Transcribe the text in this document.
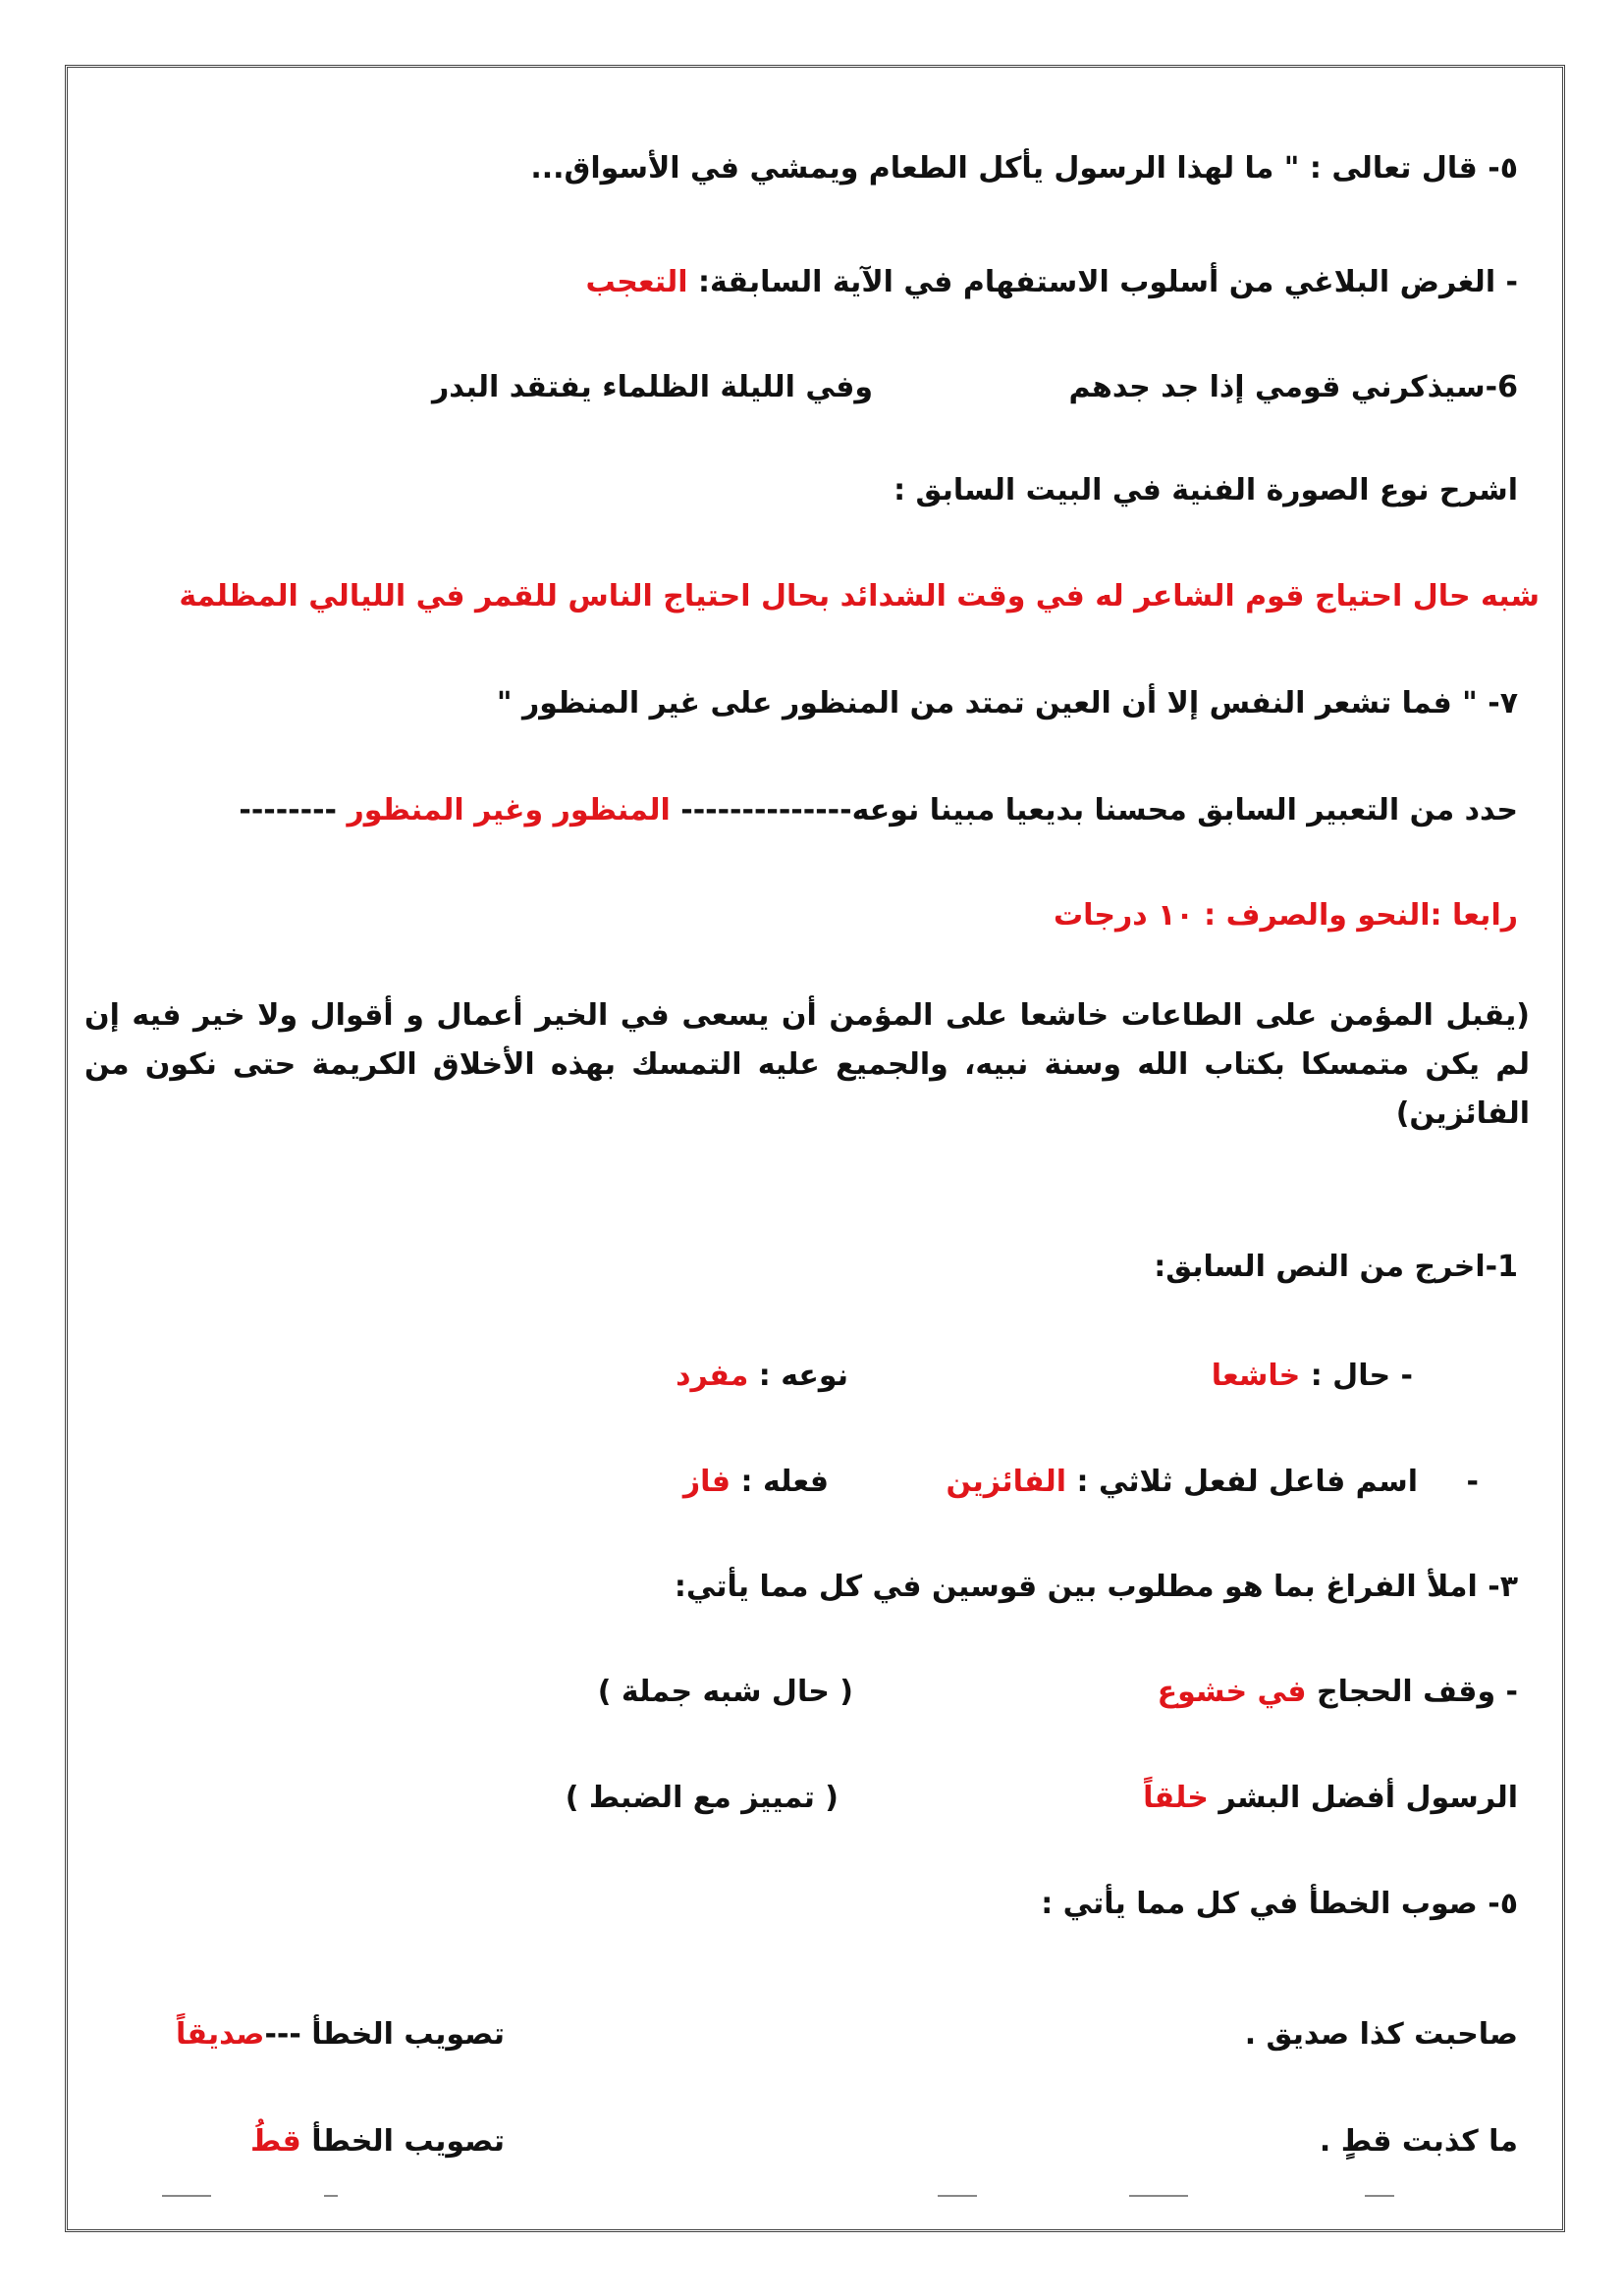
٥- قال تعالى : " ما لهذا الرسول يأكل الطعام ويمشي في الأسواق...
- الغرض البلاغي من أسلوب الاستفهام في الآية السابقة: التعجب
6-سيذكرني قومي إذا جد جدهم
وفي الليلة الظلماء يفتقد البدر
اشرح نوع الصورة الفنية في البيت السابق :
شبه حال احتياج قوم الشاعر له في وقت الشدائد بحال احتياج الناس للقمر في الليالي المظلمة
٧- " فما تشعر النفس إلا أن العين تمتد من المنظور على غير المنظور "
حدد من التعبير السابق محسنا بديعيا مبينا نوعه-------------- المنظور وغير المنظور --------
رابعا :النحو والصرف : ١٠ درجات
(يقبل المؤمن على الطاعات خاشعا على المؤمن أن يسعى في الخير أعمال و أقوال ولا خير فيه إن لم يكن متمسكا بكتاب الله وسنة نبيه، والجميع عليه التمسك بهذه الأخلاق الكريمة حتى نكون من الفائزين)
1-اخرج من النص السابق:
- حال : خاشعا
نوعه : مفرد
-
اسم فاعل لفعل ثلاثي : الفائزين
فعله : فاز
٣- املأ الفراغ بما هو مطلوب بين قوسين في كل مما يأتي:
- وقف الحجاج في خشوع
( حال شبه جملة )
الرسول أفضل البشر خلقاً
( تمييز مع الضبط )
٥- صوب الخطأ في كل مما يأتي :
صاحبت كذا صديق .
تصويب الخطأ ---صديقاً
ما كذبت قطٍ .
تصويب الخطأ قطُ
